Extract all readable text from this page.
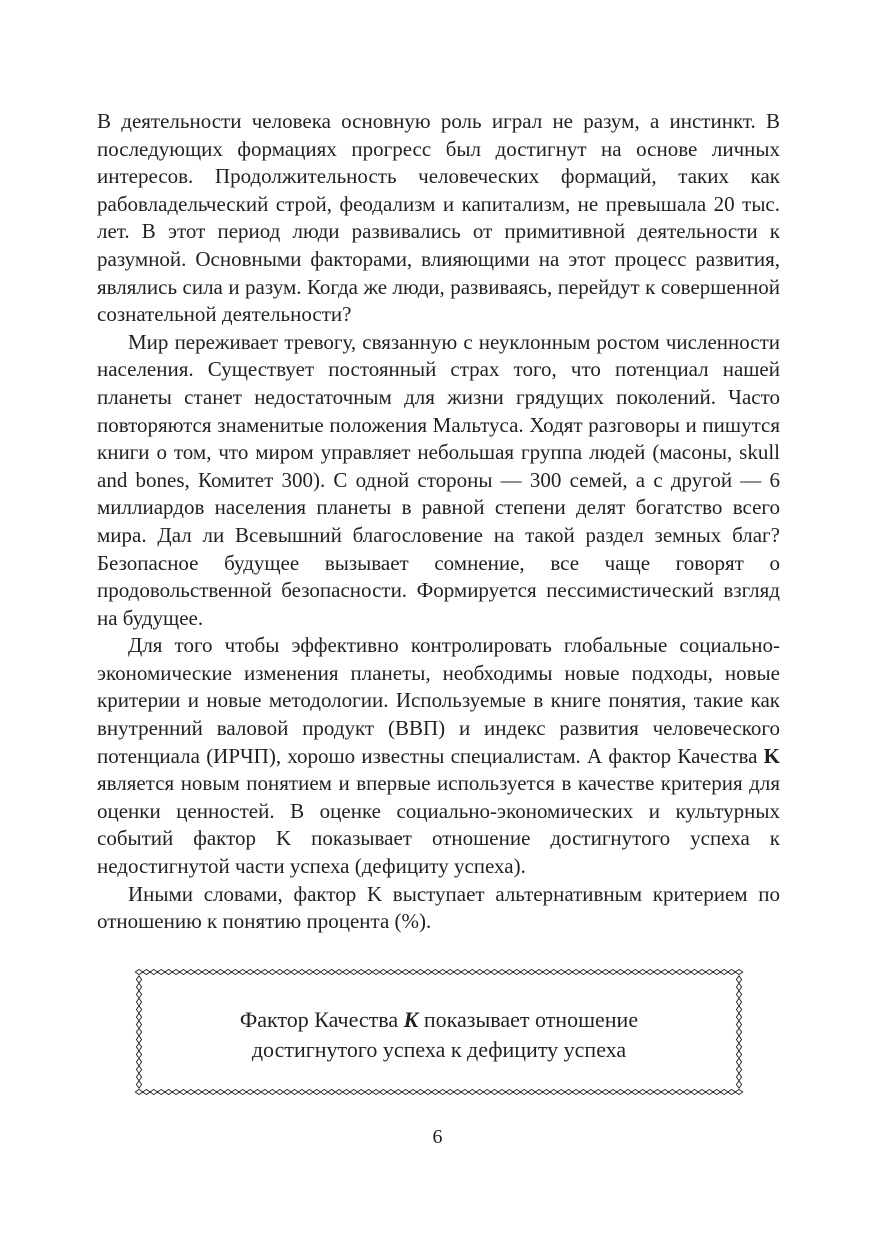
В деятельности человека основную роль играл не разум, а инстинкт. В последующих формациях прогресс был достигнут на основе личных интересов. Продолжительность человеческих формаций, таких как рабовладельческий строй, феодализм и капитализм, не превышала 20 тыс. лет. В этот период люди развивались от примитивной деятельности к разумной. Основными факторами, влияющими на этот процесс развития, являлись сила и разум. Когда же люди, развиваясь, перейдут к совершенной сознательной деятельности?

Мир переживает тревогу, связанную с неуклонным ростом численности населения. Существует постоянный страх того, что потенциал нашей планеты станет недостаточным для жизни грядущих поколений. Часто повторяются знаменитые положения Мальтуса. Ходят разговоры и пишутся книги о том, что миром управляет небольшая группа людей (масоны, skull and bones, Комитет 300). С одной стороны — 300 семей, а с другой — 6 миллиардов населения планеты в равной степени делят богатство всего мира. Дал ли Всевышний благословение на такой раздел земных благ? Безопасное будущее вызывает сомнение, все чаще говорят о продовольственной безопасности. Формируется пессимистический взгляд на будущее.

Для того чтобы эффективно контролировать глобальные социально-экономические изменения планеты, необходимы новые подходы, новые критерии и новые методологии. Используемые в книге понятия, такие как внутренний валовой продукт (ВВП) и индекс развития человеческого потенциала (ИРЧП), хорошо известны специалистам. А фактор Качества K является новым понятием и впервые используется в качестве критерия для оценки ценностей. В оценке социально-экономических и культурных событий фактор K показывает отношение достигнутого успеха к недостигнутой части успеха (дефициту успеха).

Иными словами, фактор K выступает альтернативным критерием по отношению к понятию процента (%).

Фактор Качества K показывает отношение
достигнутого успеха к дефициту успеха
6
